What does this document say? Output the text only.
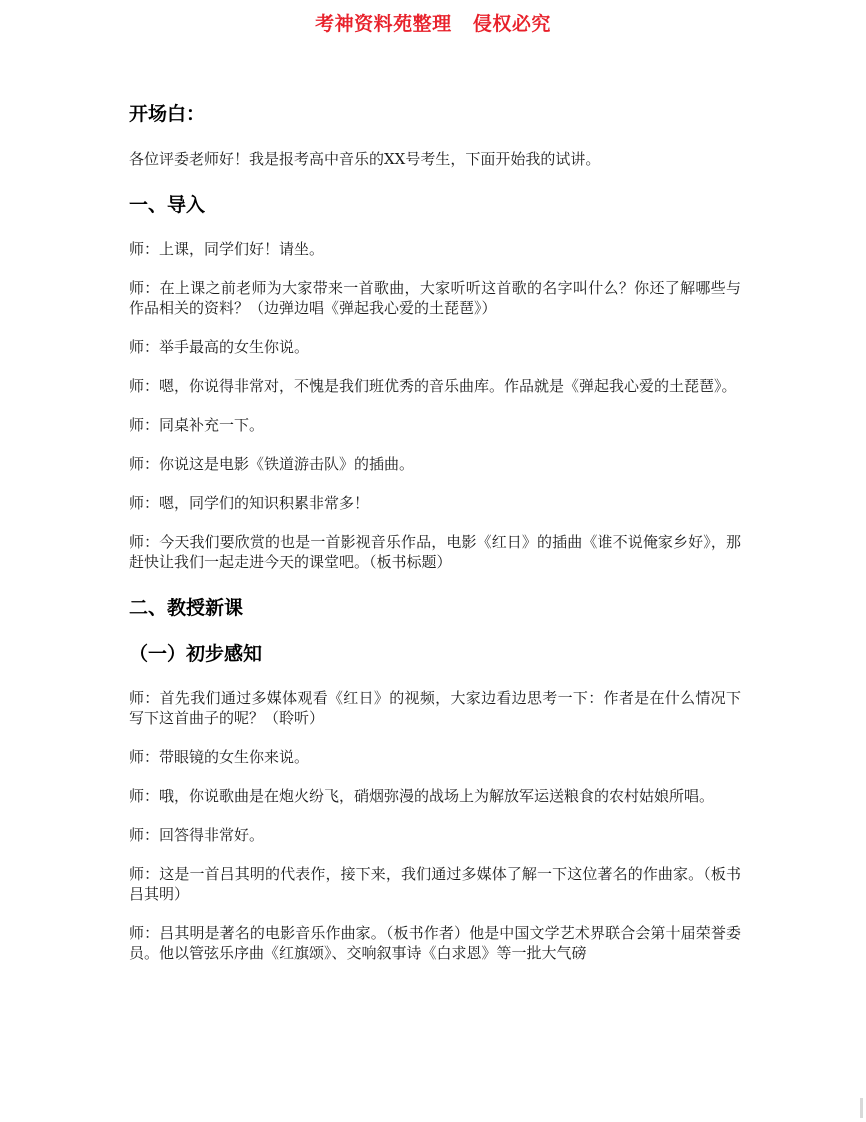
考神资料苑整理   侵权必究
开场白：
各位评委老师好！我是报考高中音乐的XX号考生，下面开始我的试讲。
一、导入
师：上课，同学们好！请坐。
师：在上课之前老师为大家带来一首歌曲，大家听听这首歌的名字叫什么？你还了解哪些与作品相关的资料？（边弹边唱《弹起我心爱的土琵琶》）
师：举手最高的女生你说。
师：嗯，你说得非常对，不愧是我们班优秀的音乐曲库。作品就是《弹起我心爱的土琵琶》。
师：同桌补充一下。
师：你说这是电影《铁道游击队》的插曲。
师：嗯，同学们的知识积累非常多！
师：今天我们要欣赏的也是一首影视音乐作品，电影《红日》的插曲《谁不说俺家乡好》，那赶快让我们一起走进今天的课堂吧。（板书标题）
二、教授新课
（一）初步感知
师：首先我们通过多媒体观看《红日》的视频，大家边看边思考一下：作者是在什么情况下写下这首曲子的呢？（聆听）
师：带眼镜的女生你来说。
师：哦，你说歌曲是在炮火纷飞，硝烟弥漫的战场上为解放军运送粮食的农村姑娘所唱。
师：回答得非常好。
师：这是一首吕其明的代表作，接下来，我们通过多媒体了解一下这位著名的作曲家。（板书吕其明）
师：吕其明是著名的电影音乐作曲家。（板书作者）他是中国文学艺术界联合会第十届荣誉委员。他以管弦乐序曲《红旗颂》、交响叙事诗《白求恩》等一批大气磅
